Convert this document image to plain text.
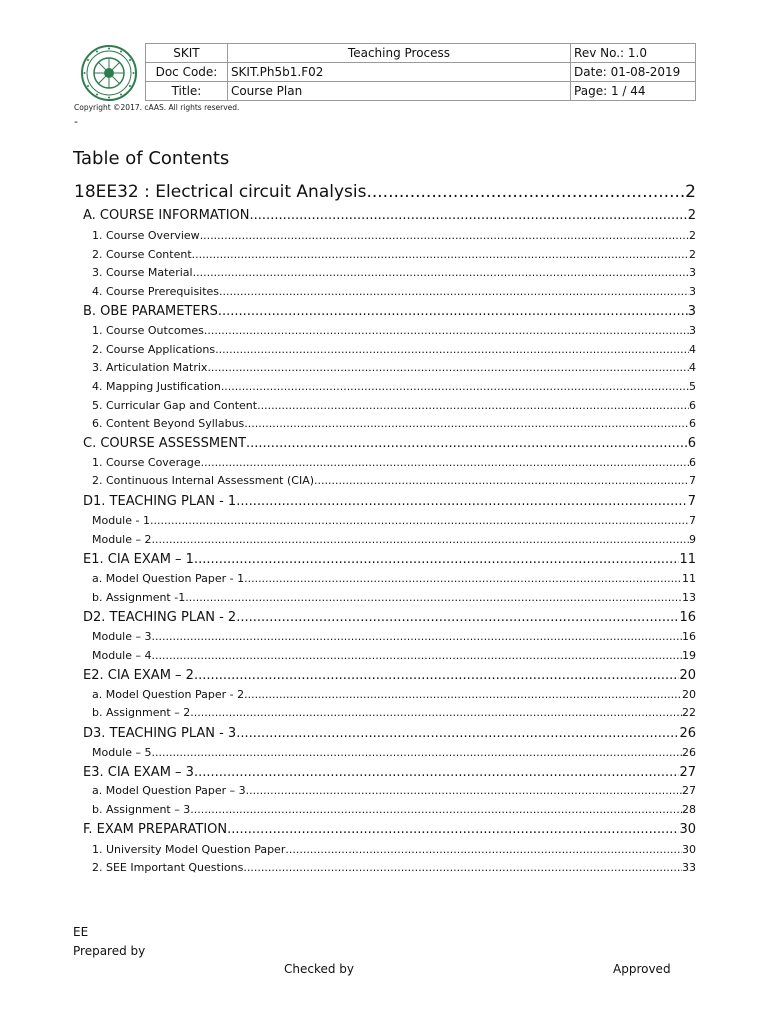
SKIT	Teaching Process	Rev No.: 1.0
Doc Code:	SKIT.Ph5b1.F02	Date: 01-08-2019
Title:	Course Plan	Page: 1 / 44
Copyright ©2017. cAAS. All rights reserved.
-
Table of Contents
18EE32 : Electrical circuit Analysis .....	2
A. COURSE INFORMATION .....	2
1. Course Overview .....	2
2. Course Content .....	2
3. Course Material .....	3
4. Course Prerequisites .....	3
B. OBE PARAMETERS .....	3
1. Course Outcomes .....	3
2. Course Applications .....	4
3. Articulation Matrix .....	4
4. Mapping Justification .....	5
5. Curricular Gap and Content .....	6
6. Content Beyond Syllabus .....	6
C. COURSE ASSESSMENT .....	6
1. Course Coverage .....	6
2. Continuous Internal Assessment (CIA) .....	7
D1. TEACHING PLAN - 1 .....	7
Module - 1 .....	7
Module – 2 .....	9
E1. CIA EXAM – 1 .....	11
a. Model Question Paper - 1 .....	11
b. Assignment -1 .....	13
D2. TEACHING PLAN - 2 .....	16
Module – 3 .....	16
Module – 4 .....	19
E2. CIA EXAM – 2 .....	20
a. Model Question Paper - 2 .....	20
b. Assignment – 2 .....	22
D3. TEACHING PLAN - 3 .....	26
Module – 5 .....	26
E3. CIA EXAM – 3 .....	27
a. Model Question Paper – 3 .....	27
b. Assignment – 3 .....	28
F. EXAM PREPARATION .....	30
1. University Model Question Paper .....	30
2. SEE Important Questions .....	33
EE
Prepared by
Checked by	Approved
